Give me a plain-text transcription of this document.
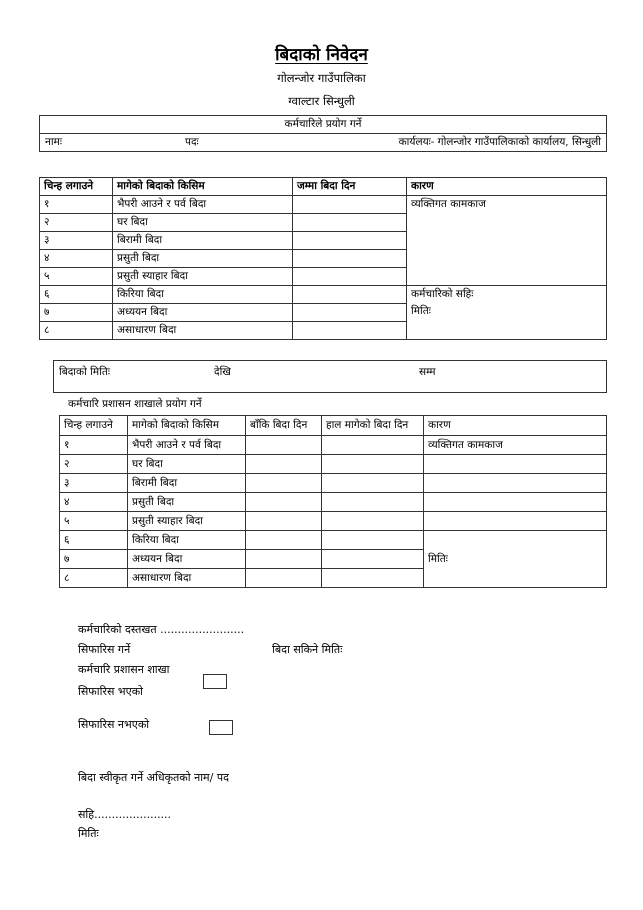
बिदाको निवेदन
गोलन्जोर गाउँपालिका
ग्वाल्टार सिन्धुली
कर्मचारिले प्रयोग गर्ने
नामः	पदः	कार्यलयः- गोलन्जोर गाउँपालिकाको कार्यालय, सिन्धुली
चिन्ह लगाउने	मागेको बिदाको किसिम	जम्मा बिदा दिन	कारण
१	भैपरी आउने र पर्व बिदा		व्यक्तिगत कामकाज
२	घर बिदा		
३	बिरामी बिदा		
४	प्रसुती बिदा		
५	प्रसुती स्याहार बिदा		
६	किरिया बिदा		कर्मचारिको सहिः
मितिः

७	अध्ययन बिदा		
८	असाधारण बिदा		
बिदाको मितिः	देखि	सम्म
कर्मचारि प्रशासन शाखाले प्रयोग गर्ने
चिन्ह लगाउने	मागेको बिदाको किसिम	बाँकि बिदा दिन	हाल मागेको बिदा दिन	कारण
१	भैपरी आउने र पर्व बिदा			व्यक्तिगत कामकाज
२	घर बिदा			
३	बिरामी बिदा			
४	प्रसुती बिदा			
५	प्रसुती स्याहार बिदा			
६	किरिया बिदा			मितिः
७	अध्ययन बिदा			
८	असाधारण बिदा			
कर्मचारिको दस्तखत ........................
सिफारिस गर्ने	बिदा सकिने मितिः
कर्मचारि प्रशासन शाखा
सिफारिस भएको
सिफारिस नभएको
बिदा स्वीकृत गर्ने अधिकृतको नाम/ पद
सहि......................
मितिः
